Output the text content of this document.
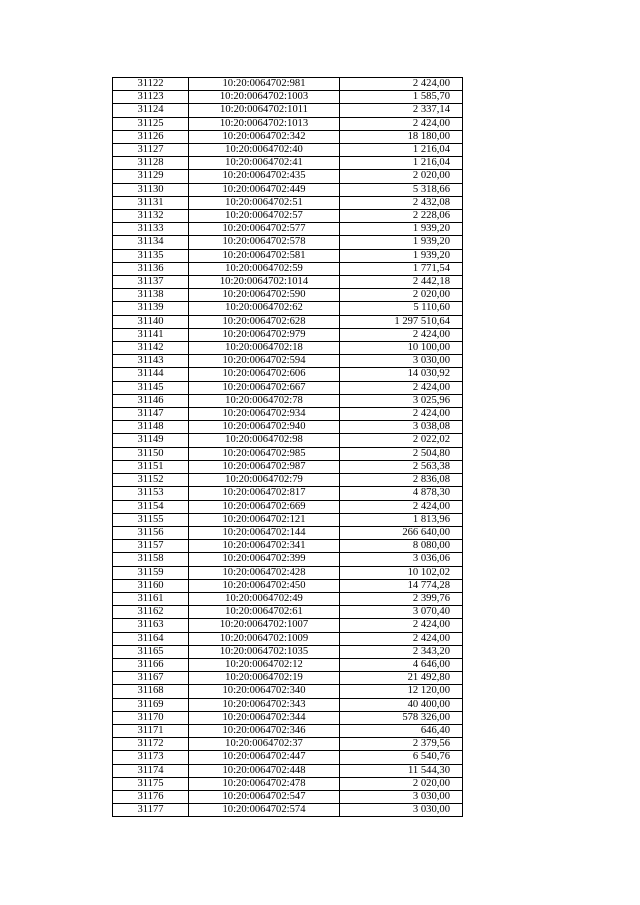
31122	10:20:0064702:981	2 424,00
31123	10:20:0064702:1003	1 585,70
31124	10:20:0064702:1011	2 337,14
31125	10:20:0064702:1013	2 424,00
31126	10:20:0064702:342	18 180,00
31127	10:20:0064702:40	1 216,04
31128	10:20:0064702:41	1 216,04
31129	10:20:0064702:435	2 020,00
31130	10:20:0064702:449	5 318,66
31131	10:20:0064702:51	2 432,08
31132	10:20:0064702:57	2 228,06
31133	10:20:0064702:577	1 939,20
31134	10:20:0064702:578	1 939,20
31135	10:20:0064702:581	1 939,20
31136	10:20:0064702:59	1 771,54
31137	10:20:0064702:1014	2 442,18
31138	10:20:0064702:590	2 020,00
31139	10:20:0064702:62	5 110,60
31140	10:20:0064702:628	1 297 510,64
31141	10:20:0064702:979	2 424,00
31142	10:20:0064702:18	10 100,00
31143	10:20:0064702:594	3 030,00
31144	10:20:0064702:606	14 030,92
31145	10:20:0064702:667	2 424,00
31146	10:20:0064702:78	3 025,96
31147	10:20:0064702:934	2 424,00
31148	10:20:0064702:940	3 038,08
31149	10:20:0064702:98	2 022,02
31150	10:20:0064702:985	2 504,80
31151	10:20:0064702:987	2 563,38
31152	10:20:0064702:79	2 836,08
31153	10:20:0064702:817	4 878,30
31154	10:20:0064702:669	2 424,00
31155	10:20:0064702:121	1 813,96
31156	10:20:0064702:144	266 640,00
31157	10:20:0064702:341	8 080,00
31158	10:20:0064702:399	3 036,06
31159	10:20:0064702:428	10 102,02
31160	10:20:0064702:450	14 774,28
31161	10:20:0064702:49	2 399,76
31162	10:20:0064702:61	3 070,40
31163	10:20:0064702:1007	2 424,00
31164	10:20:0064702:1009	2 424,00
31165	10:20:0064702:1035	2 343,20
31166	10:20:0064702:12	4 646,00
31167	10:20:0064702:19	21 492,80
31168	10:20:0064702:340	12 120,00
31169	10:20:0064702:343	40 400,00
31170	10:20:0064702:344	578 326,00
31171	10:20:0064702:346	646,40
31172	10:20:0064702:37	2 379,56
31173	10:20:0064702:447	6 540,76
31174	10:20:0064702:448	11 544,30
31175	10:20:0064702:478	2 020,00
31176	10:20:0064702:547	3 030,00
31177	10:20:0064702:574	3 030,00
